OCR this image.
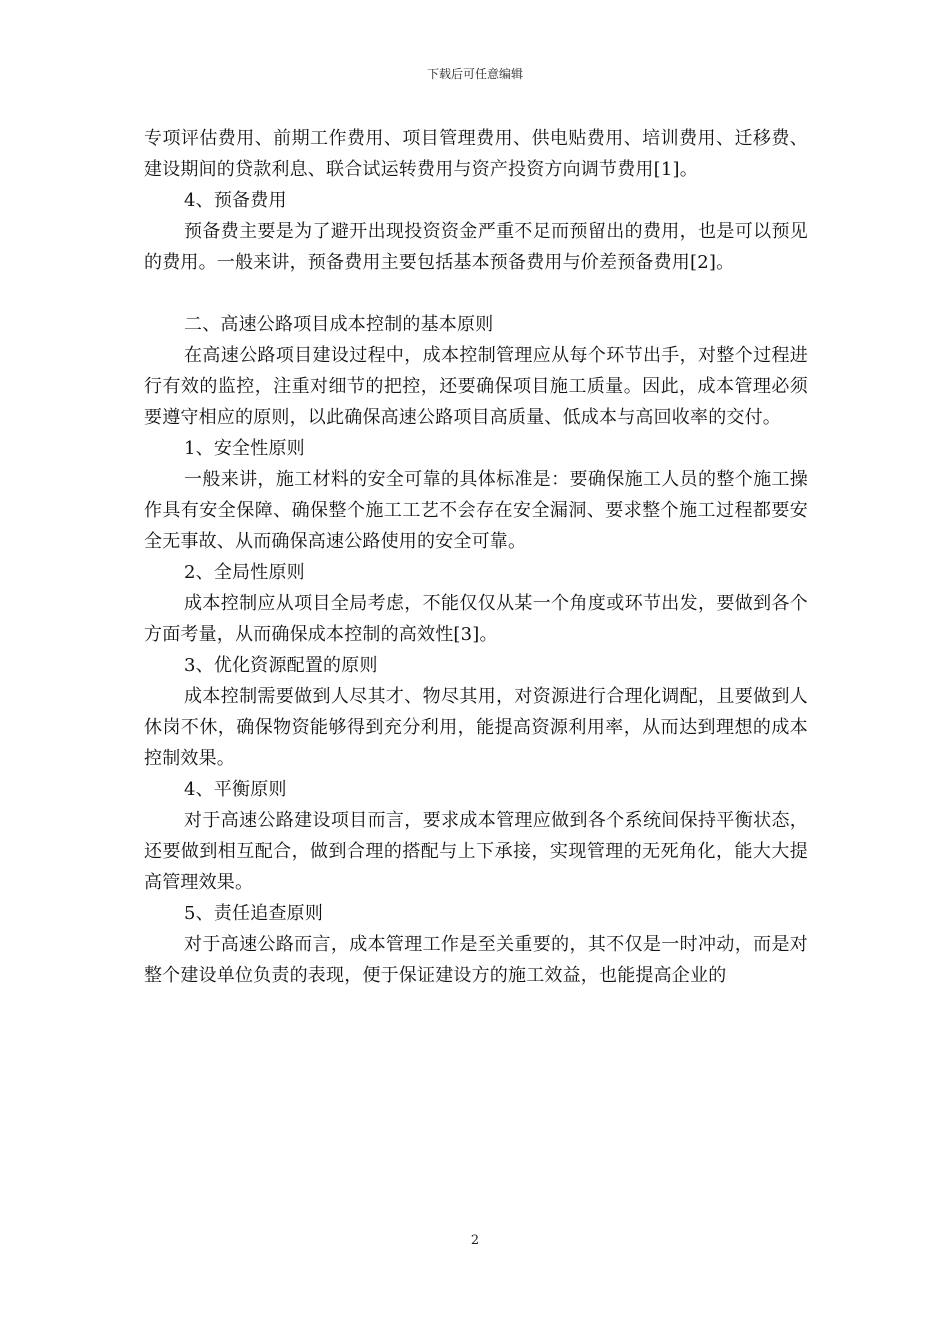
下载后可任意编辑

专项评估费用、前期工作费用、项目管理费用、供电贴费用、培训费用、迁移费、建设期间的贷款利息、联合试运转费用与资产投资方向调节费用[1]。

4、预备费用

预备费主要是为了避开出现投资资金严重不足而预留出的费用，也是可以预见的费用。一般来讲，预备费用主要包括基本预备费用与价差预备费用[2]。

二、高速公路项目成本控制的基本原则

在高速公路项目建设过程中，成本控制管理应从每个环节出手，对整个过程进行有效的监控，注重对细节的把控，还要确保项目施工质量。因此，成本管理必须要遵守相应的原则，以此确保高速公路项目高质量、低成本与高回收率的交付。

1、安全性原则

一般来讲，施工材料的安全可靠的具体标准是：要确保施工人员的整个施工操作具有安全保障、确保整个施工工艺不会存在安全漏洞、要求整个施工过程都要安全无事故、从而确保高速公路使用的安全可靠。

2、全局性原则

成本控制应从项目全局考虑，不能仅仅从某一个角度或环节出发，要做到各个方面考量，从而确保成本控制的高效性[3]。

3、优化资源配置的原则

成本控制需要做到人尽其才、物尽其用，对资源进行合理化调配，且要做到人休岗不休，确保物资能够得到充分利用，能提高资源利用率，从而达到理想的成本控制效果。

4、平衡原则

对于高速公路建设项目而言，要求成本管理应做到各个系统间保持平衡状态，还要做到相互配合，做到合理的搭配与上下承接，实现管理的无死角化，能大大提高管理效果。

5、责任追查原则

对于高速公路而言，成本管理工作是至关重要的，其不仅是一时冲动，而是对整个建设单位负责的表现，便于保证建设方的施工效益，也能提高企业的

2
